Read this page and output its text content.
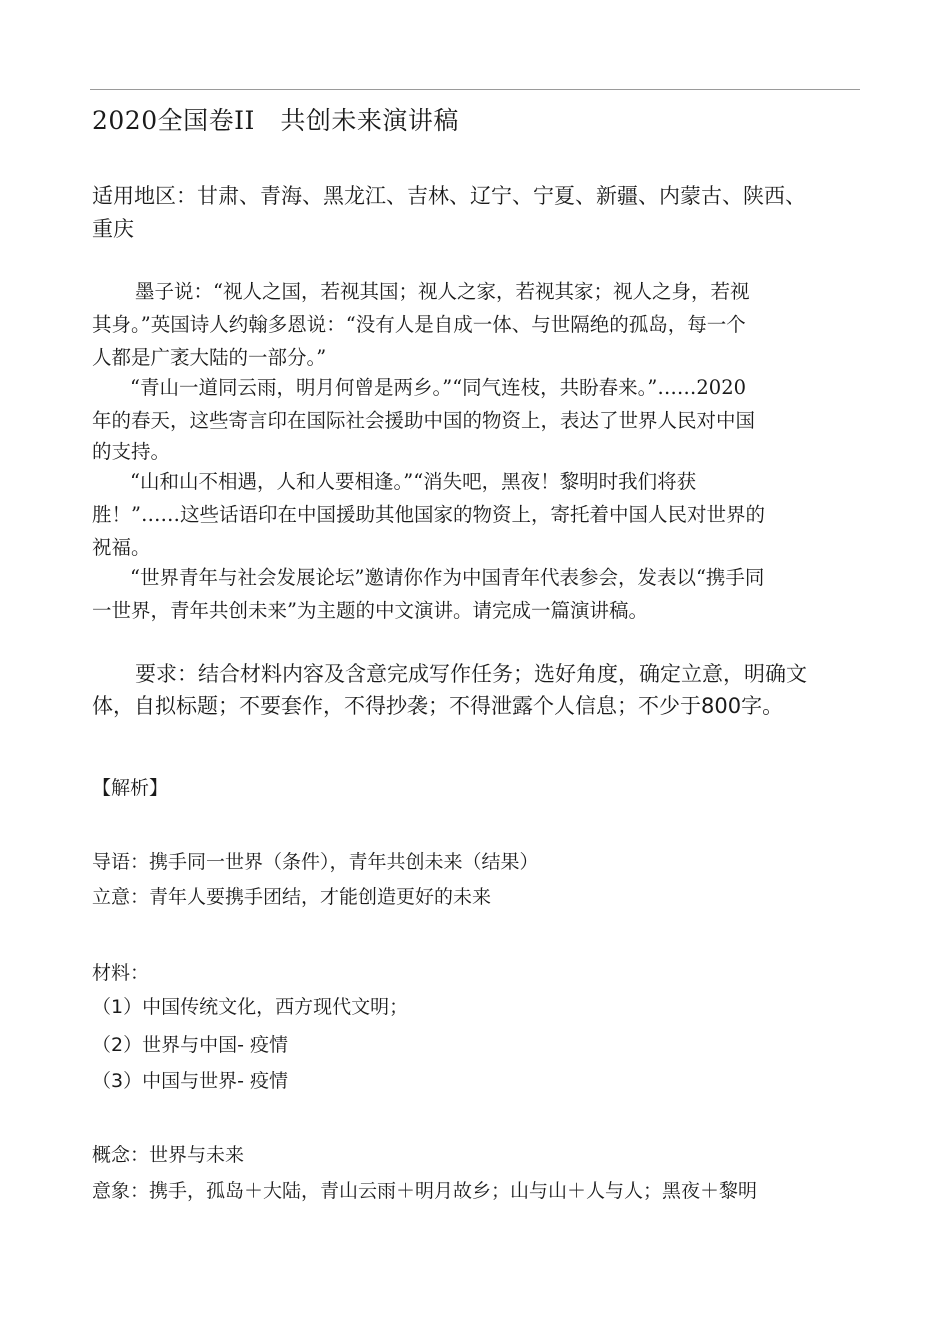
2020全国卷II　共创未来演讲稿
适用地区：甘肃、青海、黑龙江、吉林、辽宁、宁夏、新疆、内蒙古、陕西、
重庆
墨子说：“视人之国，若视其国；视人之家，若视其家；视人之身，若视
其身。”英国诗人约翰多恩说：“没有人是自成一体、与世隔绝的孤岛，每一个
人都是广袤大陆的一部分。”
“青山一道同云雨，明月何曾是两乡。”“同气连枝，共盼春来。”……2020
年的春天，这些寄言印在国际社会援助中国的物资上，表达了世界人民对中国
的支持。
“山和山不相遇，人和人要相逢。”“消失吧，黑夜！黎明时我们将获
胜！”……这些话语印在中国援助其他国家的物资上，寄托着中国人民对世界的
祝福。
“世界青年与社会发展论坛”邀请你作为中国青年代表参会，发表以“携手同
一世界，青年共创未来”为主题的中文演讲。请完成一篇演讲稿。
要求：结合材料内容及含意完成写作任务；选好角度，确定立意，明确文
体，自拟标题；不要套作，不得抄袭；不得泄露个人信息；不少于800字。
【解析】
导语：携手同一世界（条件），青年共创未来（结果）
立意：青年人要携手团结，才能创造更好的未来
材料：
（1）中国传统文化，西方现代文明；
（2）世界与中国- 疫情
（3）中国与世界- 疫情
概念：世界与未来
意象：携手，孤岛＋大陆，青山云雨＋明月故乡；山与山＋人与人；黑夜＋黎明
